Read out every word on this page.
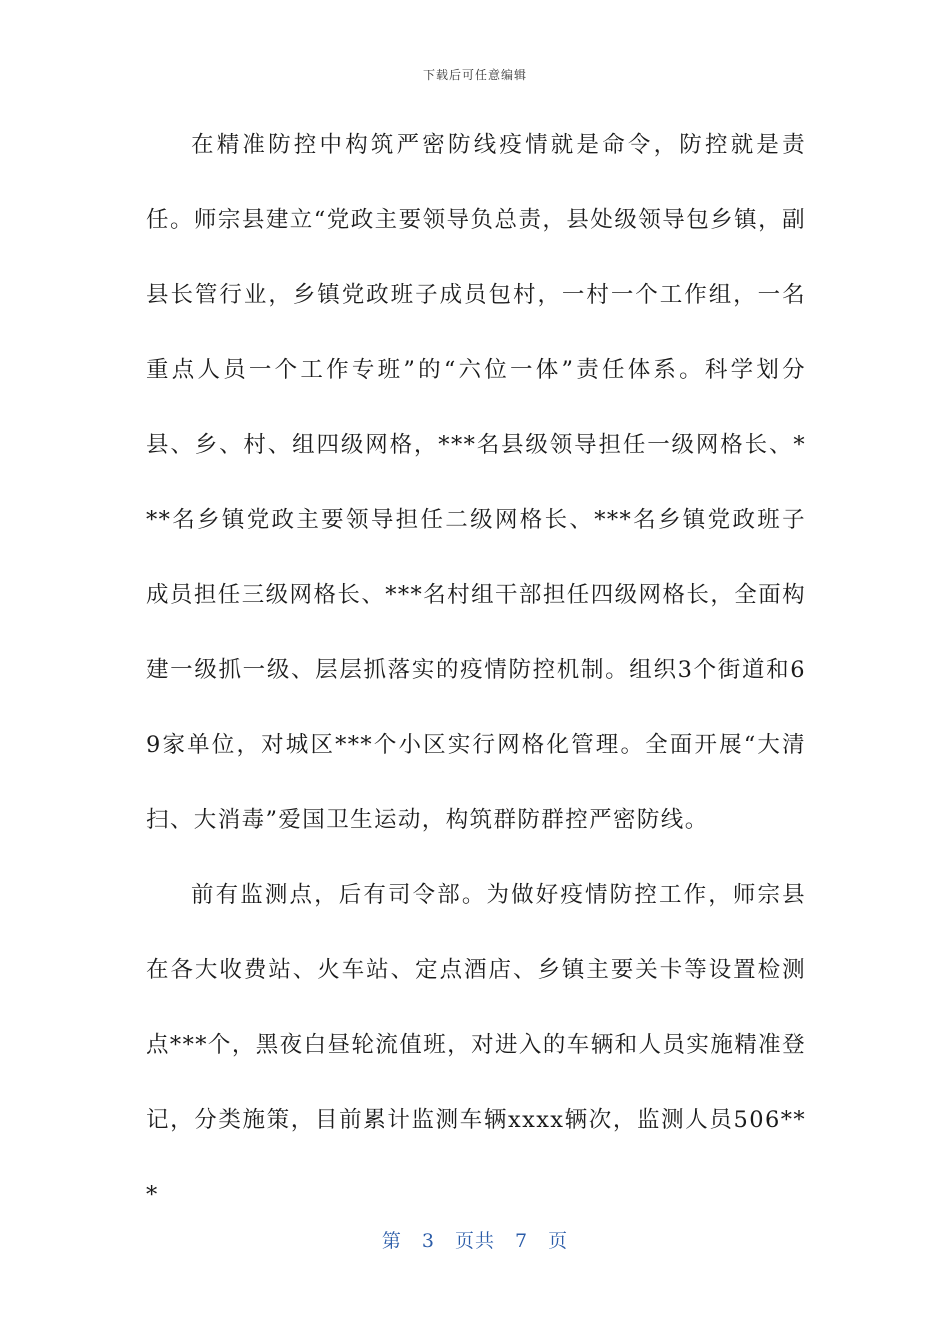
下载后可任意编辑

在精准防控中构筑严密防线疫情就是命令，防控就是责任。师宗县建立“党政主要领导负总责，县处级领导包乡镇，副县长管行业，乡镇党政班子成员包村，一村一个工作组，一名重点人员一个工作专班”的“六位一体”责任体系。科学划分县、乡、村、组四级网格，***名县级领导担任一级网格长、***名乡镇党政主要领导担任二级网格长、***名乡镇党政班子成员担任三级网格长、***名村组干部担任四级网格长，全面构建一级抓一级、层层抓落实的疫情防控机制。组织3个街道和69家单位，对城区***个小区实行网格化管理。全面开展“大清扫、大消毒”爱国卫生运动，构筑群防群控严密防线。

前有监测点，后有司令部。为做好疫情防控工作，师宗县在各大收费站、火车站、定点酒店、乡镇主要关卡等设置检测点***个，黑夜白昼轮流值班，对进入的车辆和人员实施精准登记，分类施策，目前累计监测车辆xxxx辆次，监测人员506***

第 3 页共 7 页
